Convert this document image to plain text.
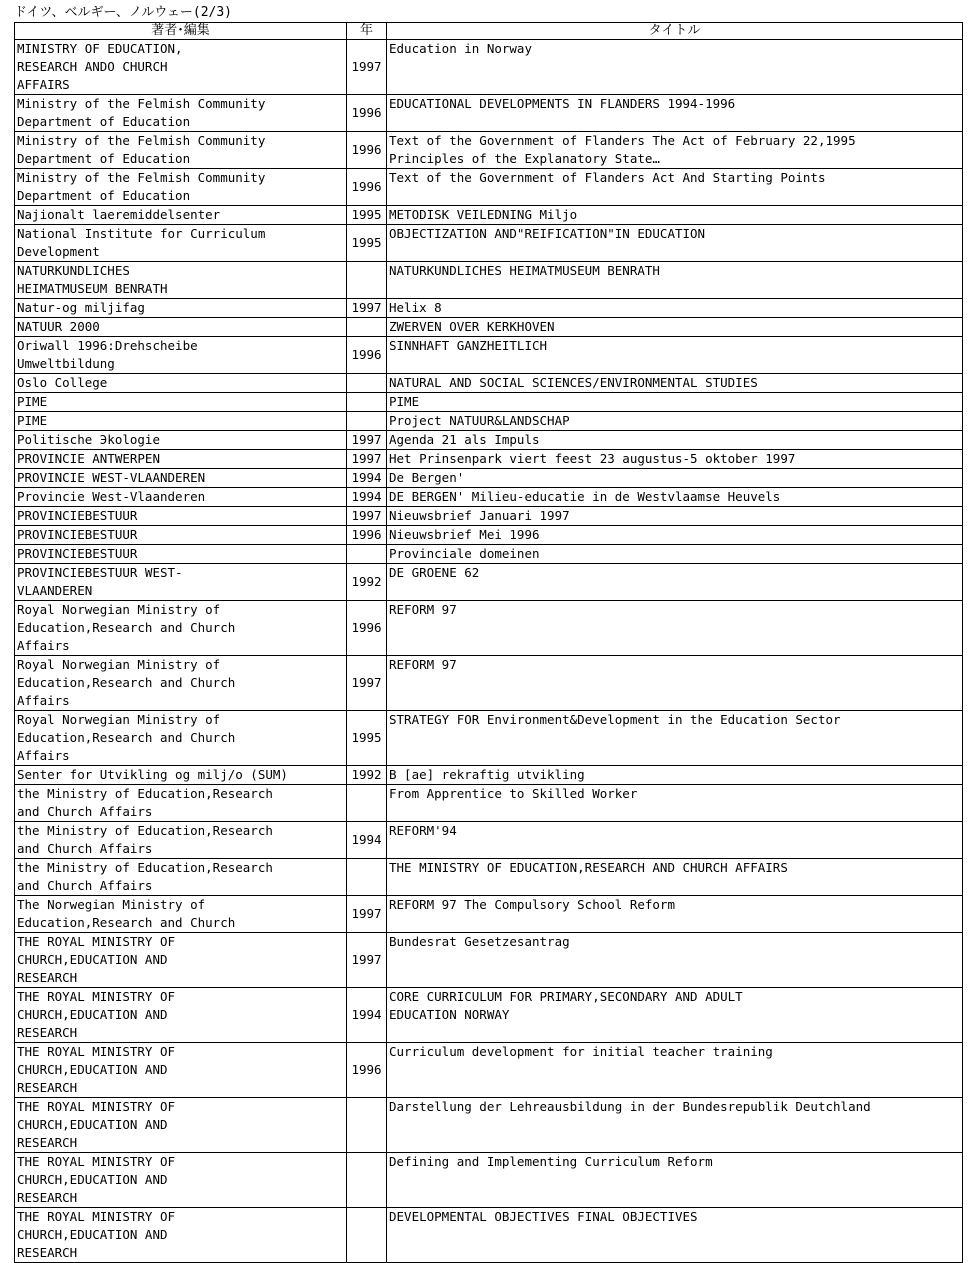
ドイツ、ベルギー、ノルウェー(2/3)
著者･編集	年	タイトル
MINISTRY OF EDUCATION,
RESEARCH ANDO CHURCH
AFFAIRS	1997	Education in Norway
Ministry of the Felmish Community
Department of Education	1996	EDUCATIONAL DEVELOPMENTS IN FLANDERS 1994-1996
Ministry of the Felmish Community
Department of Education	1996	Text of the Government of Flanders The Act of February 22,1995
Principles of the Explanatory State…
Ministry of the Felmish Community
Department of Education	1996	Text of the Government of Flanders Act And Starting Points
Najionalt laeremiddelsenter	1995	METODISK VEILEDNING Miljo
National Institute for Curriculum
Development	1995	OBJECTIZATION AND"REIFICATION"IN EDUCATION
NATURKUNDLICHES
HEIMATMUSEUM BENRATH		NATURKUNDLICHES HEIMATMUSEUM BENRATH
Natur-og miljifag	1997	Helix 8
NATUUR 2000		ZWERVEN OVER KERKHOVEN
Oriwall 1996:Drehscheibe
Umweltbildung	1996	SINNHAFT GANZHEITLICH
Oslo College		NATURAL AND SOCIAL SCIENCES/ENVIRONMENTAL STUDIES
PIME		PIME
PIME		Project NATUUR&LANDSCHAP
Politische Эkologie	1997	Agenda 21 als Impuls
PROVINCIE ANTWERPEN	1997	Het Prinsenpark viert feest 23 augustus-5 oktober 1997
PROVINCIE WEST-VLAANDEREN	1994	De Bergen'
Provincie West-Vlaanderen	1994	DE BERGEN' Milieu-educatie in de Westvlaamse Heuvels
PROVINCIEBESTUUR	1997	Nieuwsbrief Januari 1997
PROVINCIEBESTUUR	1996	Nieuwsbrief Mei 1996
PROVINCIEBESTUUR		Provinciale domeinen
PROVINCIEBESTUUR WEST-
VLAANDEREN	1992	DE GROENE 62
Royal Norwegian Ministry of
Education,Research and Church
Affairs	1996	REFORM 97
Royal Norwegian Ministry of
Education,Research and Church
Affairs	1997	REFORM 97
Royal Norwegian Ministry of
Education,Research and Church
Affairs	1995	STRATEGY FOR Environment&Development in the Education Sector
Senter for Utvikling og milj/o (SUM)	1992	B [ae] rekraftig utvikling
the Ministry of Education,Research
and Church Affairs		From Apprentice to Skilled Worker
the Ministry of Education,Research
and Church Affairs	1994	REFORM'94
the Ministry of Education,Research
and Church Affairs		THE MINISTRY OF EDUCATION,RESEARCH AND CHURCH AFFAIRS
The Norwegian Ministry of
Education,Research and Church	1997	REFORM 97 The Compulsory School Reform
THE ROYAL MINISTRY OF
CHURCH,EDUCATION AND
RESEARCH	1997	Bundesrat Gesetzesantrag
THE ROYAL MINISTRY OF
CHURCH,EDUCATION AND
RESEARCH	1994	CORE CURRICULUM FOR PRIMARY,SECONDARY AND ADULT
EDUCATION NORWAY
THE ROYAL MINISTRY OF
CHURCH,EDUCATION AND
RESEARCH	1996	Curriculum development for initial teacher training
THE ROYAL MINISTRY OF
CHURCH,EDUCATION AND
RESEARCH		Darstellung der Lehreausbildung in der Bundesrepublik Deutchland
THE ROYAL MINISTRY OF
CHURCH,EDUCATION AND
RESEARCH		Defining and Implementing Curriculum Reform
THE ROYAL MINISTRY OF
CHURCH,EDUCATION AND
RESEARCH		DEVELOPMENTAL OBJECTIVES FINAL OBJECTIVES
